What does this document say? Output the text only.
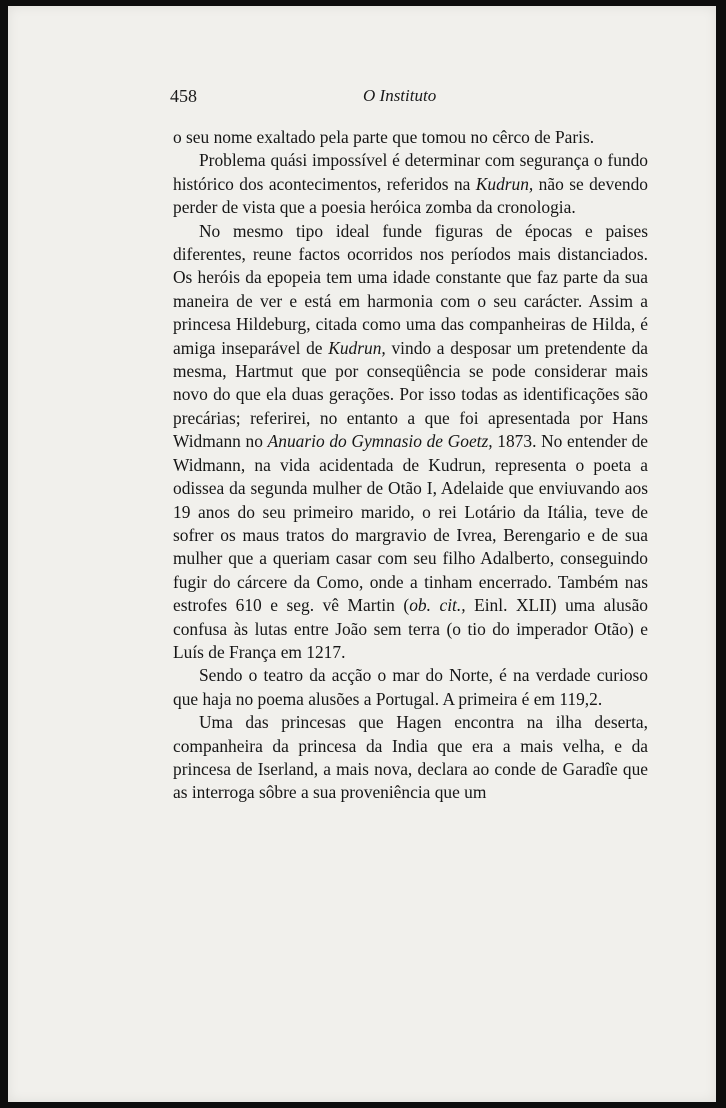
458	O Instituto

o seu nome exaltado pela parte que tomou no cêrco de Paris.

Problema quási impossível é determinar com segurança o fundo histórico dos acontecimentos, referidos na Kudrun, não se devendo perder de vista que a poesia heróica zomba da cronologia.

No mesmo tipo ideal funde figuras de épocas e paises diferentes, reune factos ocorridos nos períodos mais distanciados. Os heróis da epopeia tem uma idade constante que faz parte da sua maneira de ver e está em harmonia com o seu carácter. Assim a princesa Hildeburg, citada como uma das companheiras de Hilda, é amiga inseparável de Kudrun, vindo a desposar um pretendente da mesma, Hartmut que por conseqüência se pode considerar mais novo do que ela duas gerações. Por isso todas as identificações são precárias; referirei, no entanto a que foi apresentada por Hans Widmann no Anuario do Gymnasio de Goetz, 1873. No entender de Widmann, na vida acidentada de Kudrun, representa o poeta a odissea da segunda mulher de Otão I, Adelaide que enviuvando aos 19 anos do seu primeiro marido, o rei Lotário da Itália, teve de sofrer os maus tratos do margravio de Ivrea, Berengario e de sua mulher que a queriam casar com seu filho Adalberto, conseguindo fugir do cárcere da Como, onde a tinham encerrado. Também nas estrofes 610 e seg. vê Martin (ob. cit., Einl. XLII) uma alusão confusa às lutas entre João sem terra (o tio do imperador Otão) e Luís de França em 1217.

Sendo o teatro da acção o mar do Norte, é na verdade curioso que haja no poema alusões a Portugal. A primeira é em 119,2.

Uma das princesas que Hagen encontra na ilha deserta, companheira da princesa da India que era a mais velha, e da princesa de Iserland, a mais nova, declara ao conde de Garadîe que as interroga sôbre a sua proveniência que um
